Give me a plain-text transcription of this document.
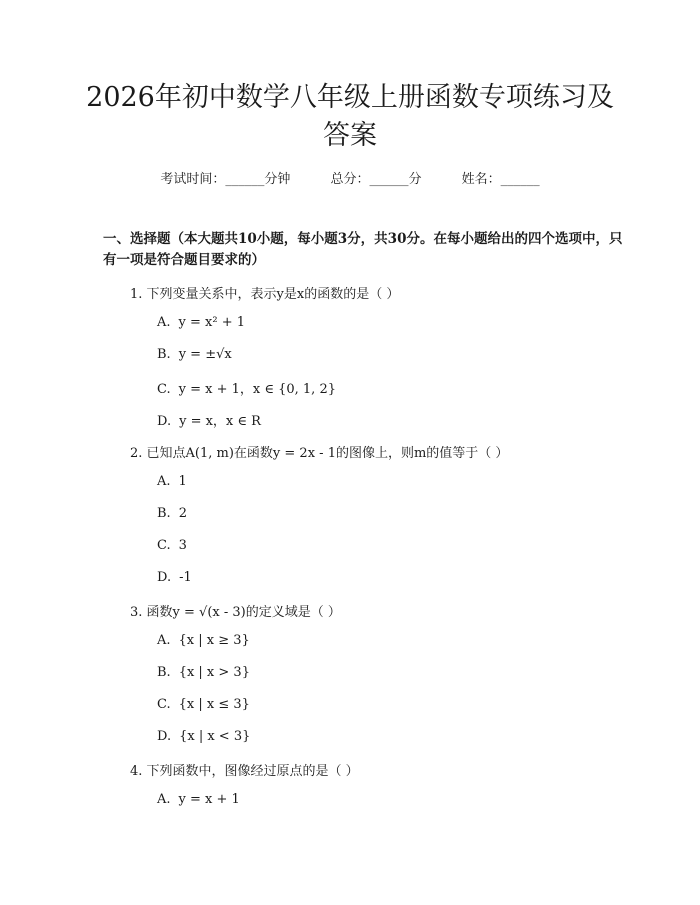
2026年初中数学八年级上册函数专项练习及
答案
考试时间：______分钟	总分：______分	姓名：______

一、选择题（本大题共10小题，每小题3分，共30分。在每小题给出的四个选项中，只有一项是符合题目要求的）

1. 下列变量关系中，表示y是x的函数的是（ ）
A. y = x² + 1
B. y = ±√x
C. y = x + 1，x ∈ {0, 1, 2}
D. y = x，x ∈ R
2. 已知点A(1, m)在函数y = 2x - 1的图像上，则m的值等于（ ）
A. 1
B. 2
C. 3
D. -1
3. 函数y = √(x - 3)的定义域是（ ）
A. {x | x ≥ 3}
B. {x | x > 3}
C. {x | x ≤ 3}
D. {x | x < 3}
4. 下列函数中，图像经过原点的是（ ）
A. y = x + 1
